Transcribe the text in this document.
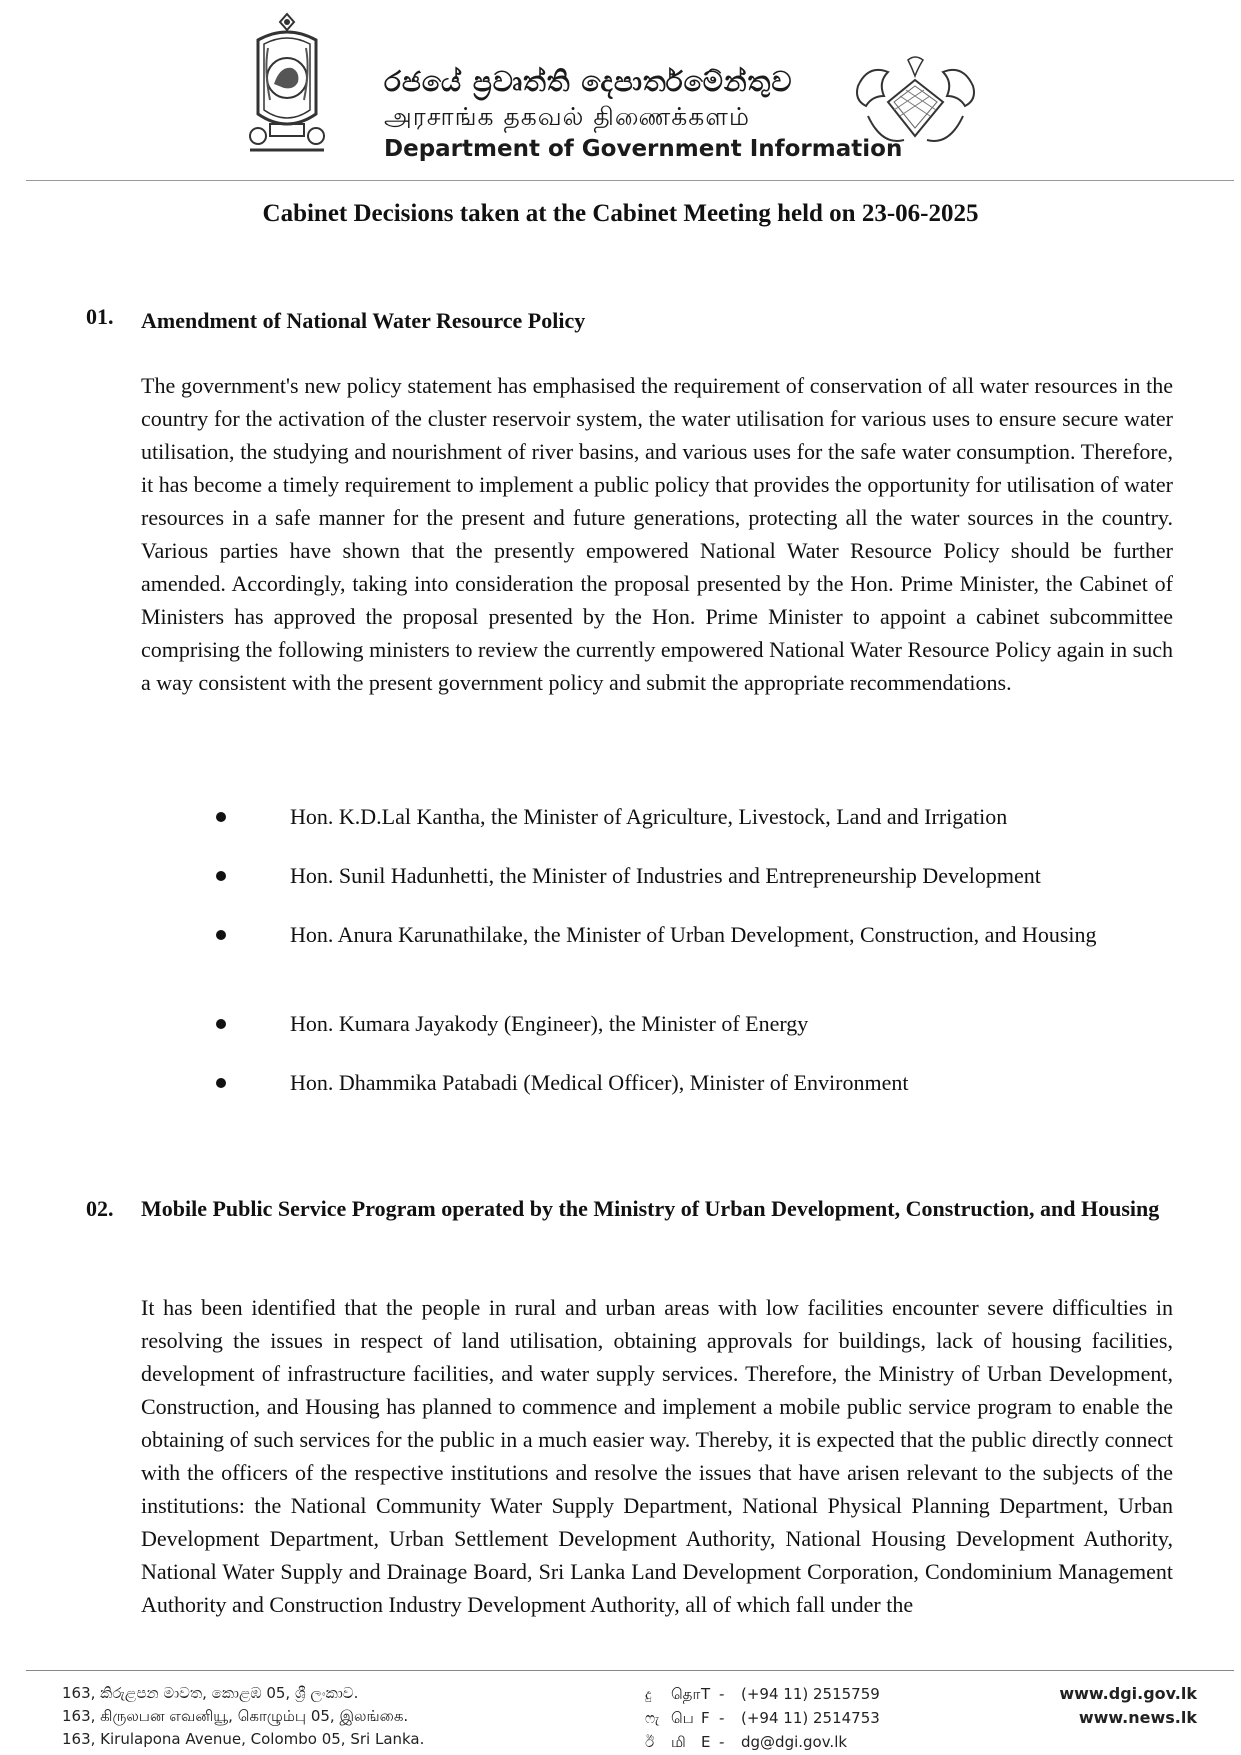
රජයේ ප්‍රවෘත්ති දෙපාර්තමේන්තුව
அரசாங்க தகவல் திணைக்களம்
Department of Government Information
Cabinet Decisions taken at the Cabinet Meeting held on 23-06-2025
01. Amendment of National Water Resource Policy
The government's new policy statement has emphasised the requirement of conservation of all water resources in the country for the activation of the cluster reservoir system, the water utilisation for various uses to ensure secure water utilisation, the studying and nourishment of river basins, and various uses for the safe water consumption. Therefore, it has become a timely requirement to implement a public policy that provides the opportunity for utilisation of water resources in a safe manner for the present and future generations, protecting all the water sources in the country. Various parties have shown that the presently empowered National Water Resource Policy should be further amended. Accordingly, taking into consideration the proposal presented by the Hon. Prime Minister, the Cabinet of Ministers has approved the proposal presented by the Hon. Prime Minister to appoint a cabinet subcommittee comprising the following ministers to review the currently empowered National Water Resource Policy again in such a way consistent with the present government policy and submit the appropriate recommendations.
Hon. K.D.Lal Kantha, the Minister of Agriculture, Livestock, Land and Irrigation
Hon. Sunil Hadunhetti, the Minister of Industries and Entrepreneurship Development
Hon. Anura Karunathilake, the Minister of Urban Development, Construction, and Housing
Hon. Kumara Jayakody (Engineer), the Minister of Energy
Hon. Dhammika Patabadi (Medical Officer), Minister of Environment
02. Mobile Public Service Program operated by the Ministry of Urban Development, Construction, and Housing
It has been identified that the people in rural and urban areas with low facilities encounter severe difficulties in resolving the issues in respect of land utilisation, obtaining approvals for buildings, lack of housing facilities, development of infrastructure facilities, and water supply services. Therefore, the Ministry of Urban Development, Construction, and Housing has planned to commence and implement a mobile public service program to enable the obtaining of such services for the public in a much easier way. Thereby, it is expected that the public directly connect with the officers of the respective institutions and resolve the issues that have arisen relevant to the subjects of the institutions: the National Community Water Supply Department, National Physical Planning Department, Urban Development Department, Urban Settlement Development Authority, National Housing Development Authority, National Water Supply and Drainage Board, Sri Lanka Land Development Corporation, Condominium Management Authority and Construction Industry Development Authority, all of which fall under the
163, කිරුළපන මාවත, කොළඹ 05, ශ්‍රී ලංකාව.
163, கிருலபன எவனியூ, கொழும்பு 05, இலங்கை.
163, Kirulapona Avenue, Colombo 05, Sri Lanka.
දු தொT - (+94 11) 2515759
ෆැ பெ F - (+94 11) 2514753
ඊ மி E - dg@dgi.gov.lk
www.dgi.gov.lk
www.news.lk
